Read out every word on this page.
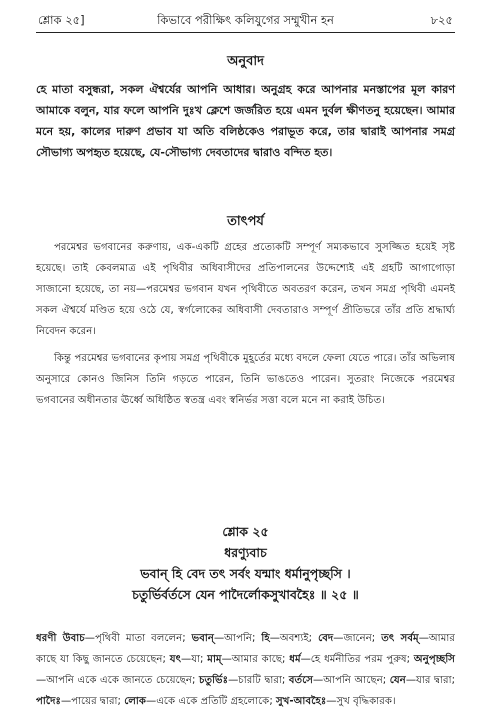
শ্লোক ২৫]	কিভাবে পরীক্ষিৎ কলিযুগের সম্মুখীন হন	৮২৫
অনুবাদ
হে মাতা বসুন্ধরা, সকল ঐশ্বর্যের আপনি আধার। অনুগ্রহ করে আপনার মনস্তাপের মূল কারণ আমাকে বলুন, যার ফলে আপনি দুঃখ ক্লেশে জর্জরিত হয়ে এমন দুর্বল ক্ষীণতনু হয়েছেন। আমার মনে হয়, কালের দারুণ প্রভাব যা অতি বলিষ্ঠকেও পরাভূত করে, তার দ্বারাই আপনার সমগ্র সৌভাগ্য অপহৃত হয়েছে, যে-সৌভাগ্য দেবতাদের দ্বারাও বন্দিত হত।
তাৎপর্য
পরমেশ্বর ভগবানের করুণায়, এক-একটি গ্রহের প্রত্যেকটি সম্পূর্ণ সম্যকভাবে সুসজ্জিত হয়েই সৃষ্ট হয়েছে। তাই কেবলমাত্র এই পৃথিবীর অধিবাসীদের প্রতিপালনের উদ্দেশ্যেই এই গ্রহটি আগাগোড়া সাজানো হয়েছে, তা নয়—পরমেশ্বর ভগবান যখন পৃথিবীতে অবতরণ করেন, তখন সমগ্র পৃথিবী এমনই সকল ঐশ্বর্যে মণ্ডিত হয়ে ওঠে যে, স্বর্গলোকের অধিবাসী দেবতারাও সম্পূর্ণ প্রীতিভরে তাঁর প্রতি শ্রদ্ধার্ঘ্য নিবেদন করেন।
কিন্তু পরমেশ্বর ভগবানের কৃপায় সমগ্র পৃথিবীকে মুহূর্তের মধ্যে বদলে ফেলা যেতে পারে। তাঁর অভিলাষ অনুসারে কোনও জিনিস তিনি গড়তে পারেন, তিনি ভাঙতেও পারেন। সুতরাং নিজেকে পরমেশ্বর ভগবানের অধীনতার ঊর্ধ্বে অধিষ্ঠিত স্বতন্ত্র এবং স্বনির্ভর সত্তা বলে মনে না করাই উচিত।
শ্লোক ২৫
ধরণ্যুবাচ
ভবান্ হি বেদ তৎ সর্বং যন্মাং ধর্মানুপৃচ্ছসি ।
চতুর্ভির্বর্তসে যেন পাদৈর্লোকসুখাবহৈঃ ॥ ২৫ ॥
ধরণী উবাচ—পৃথিবী মাতা বললেন; ভবান্—আপনি; হি—অবশ্যই; বেদ—জানেন; তৎ সর্বম্—আমার কাছে যা কিছু জানতে চেয়েছেন; যৎ—যা; মাম্—আমার কাছে; ধর্ম—হে ধর্মনীতির পরম পুরুষ; অনুপৃচ্ছসি—আপনি একে একে জানতে চেয়েছেন; চতুর্ভিঃ—চারটি দ্বারা; বর্তসে—আপনি আছেন; যেন—যার দ্বারা; পাদৈঃ—পায়ের দ্বারা; লোক—একে একে প্রতিটি গ্রহলোকে; সুখ-আবহৈঃ—সুখ বৃদ্ধিকারক।
